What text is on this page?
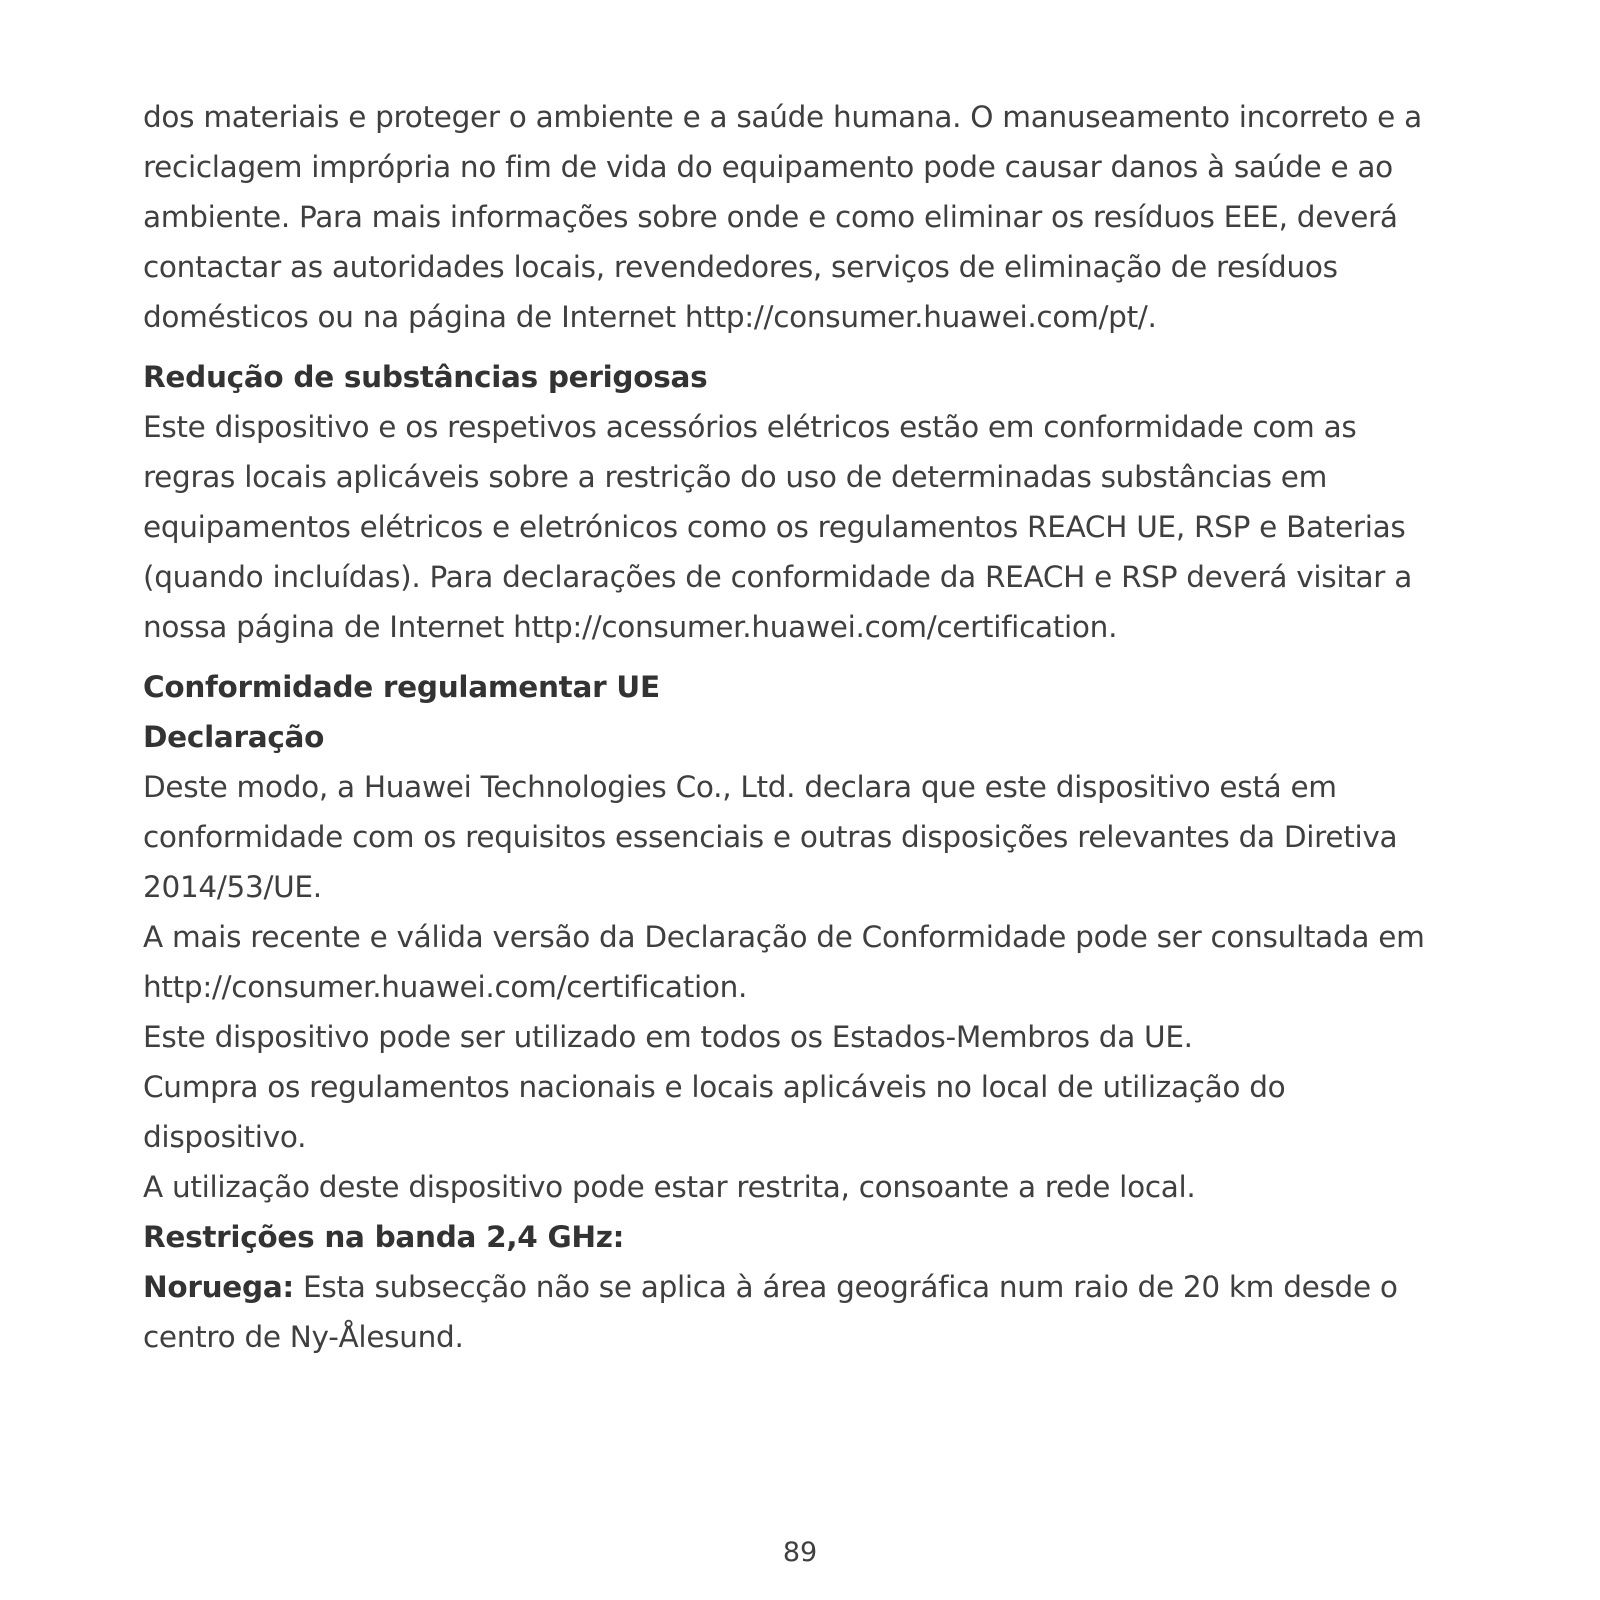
dos materiais e proteger o ambiente e a saúde humana. O manuseamento incorreto e a
reciclagem imprópria no fim de vida do equipamento pode causar danos à saúde e ao
ambiente. Para mais informações sobre onde e como eliminar os resíduos EEE, deverá
contactar as autoridades locais, revendedores, serviços de eliminação de resíduos
domésticos ou na página de Internet http://consumer.huawei.com/pt/.
Redução de substâncias perigosas
Este dispositivo e os respetivos acessórios elétricos estão em conformidade com as
regras locais aplicáveis sobre a restrição do uso de determinadas substâncias em
equipamentos elétricos e eletrónicos como os regulamentos REACH UE, RSP e Baterias
(quando incluídas). Para declarações de conformidade da REACH e RSP deverá visitar a
nossa página de Internet http://consumer.huawei.com/certification.
Conformidade regulamentar UE
Declaração
Deste modo, a Huawei Technologies Co., Ltd. declara que este dispositivo está em
conformidade com os requisitos essenciais e outras disposições relevantes da Diretiva
2014/53/UE.
A mais recente e válida versão da Declaração de Conformidade pode ser consultada em
http://consumer.huawei.com/certification.
Este dispositivo pode ser utilizado em todos os Estados-Membros da UE.
Cumpra os regulamentos nacionais e locais aplicáveis no local de utilização do
dispositivo.
A utilização deste dispositivo pode estar restrita, consoante a rede local.
Restrições na banda 2,4 GHz:
Noruega: Esta subsecção não se aplica à área geográfica num raio de 20 km desde o
centro de Ny-Ålesund.
89
